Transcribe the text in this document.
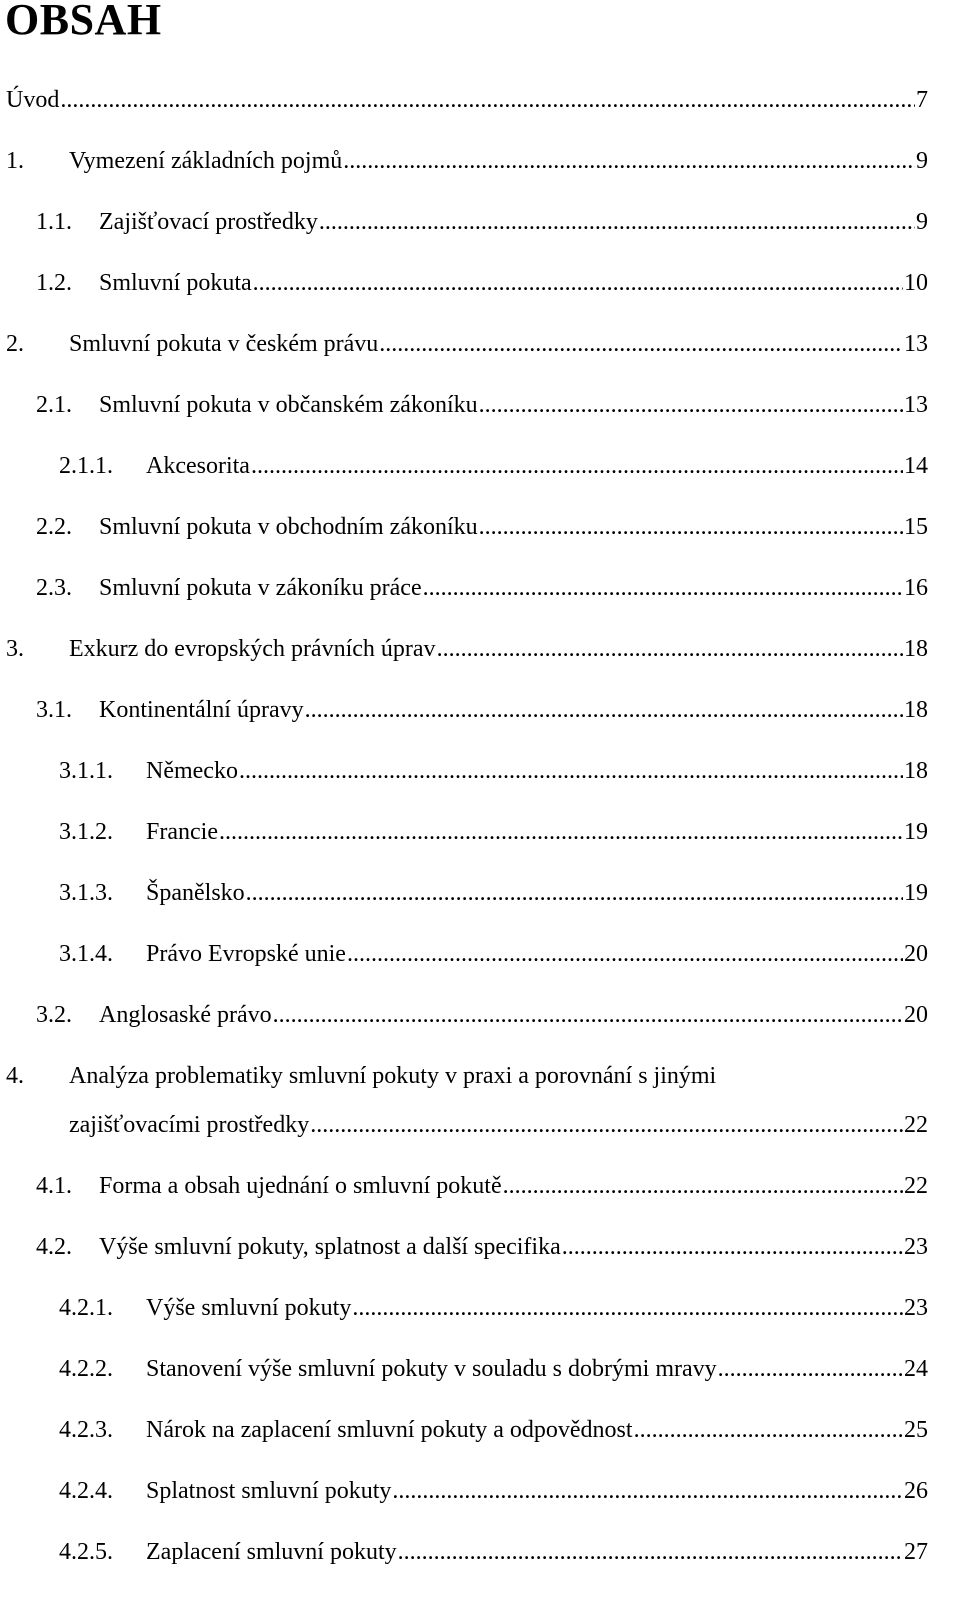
OBSAH
Úvod .....	7
1. Vymezení základních pojmů .....	9
1.1. Zajišťovací prostředky .....	9
1.2. Smluvní pokuta .....	10
2. Smluvní pokuta v českém právu .....	13
2.1. Smluvní pokuta v občanském zákoníku .....	13
2.1.1. Akcesorita .....	14
2.2. Smluvní pokuta v obchodním zákoníku .....	15
2.3. Smluvní pokuta v zákoníku práce .....	16
3. Exkurz do evropských právních úprav .....	18
3.1. Kontinentální úpravy .....	18
3.1.1. Německo .....	18
3.1.2. Francie .....	19
3.1.3. Španělsko .....	19
3.1.4. Právo Evropské unie .....	20
3.2. Anglosaské právo .....	20
4. Analýza problematiky smluvní pokuty v praxi a porovnání s jinými
zajišťovacími prostředky .....	22
4.1. Forma a obsah ujednání o smluvní pokutě .....	22
4.2. Výše smluvní pokuty, splatnost a další specifika .....	23
4.2.1. Výše smluvní pokuty .....	23
4.2.2. Stanovení výše smluvní pokuty v souladu s dobrými mravy .....	24
4.2.3. Nárok na zaplacení smluvní pokuty a odpovědnost .....	25
4.2.4. Splatnost smluvní pokuty .....	26
4.2.5. Zaplacení smluvní pokuty .....	27
